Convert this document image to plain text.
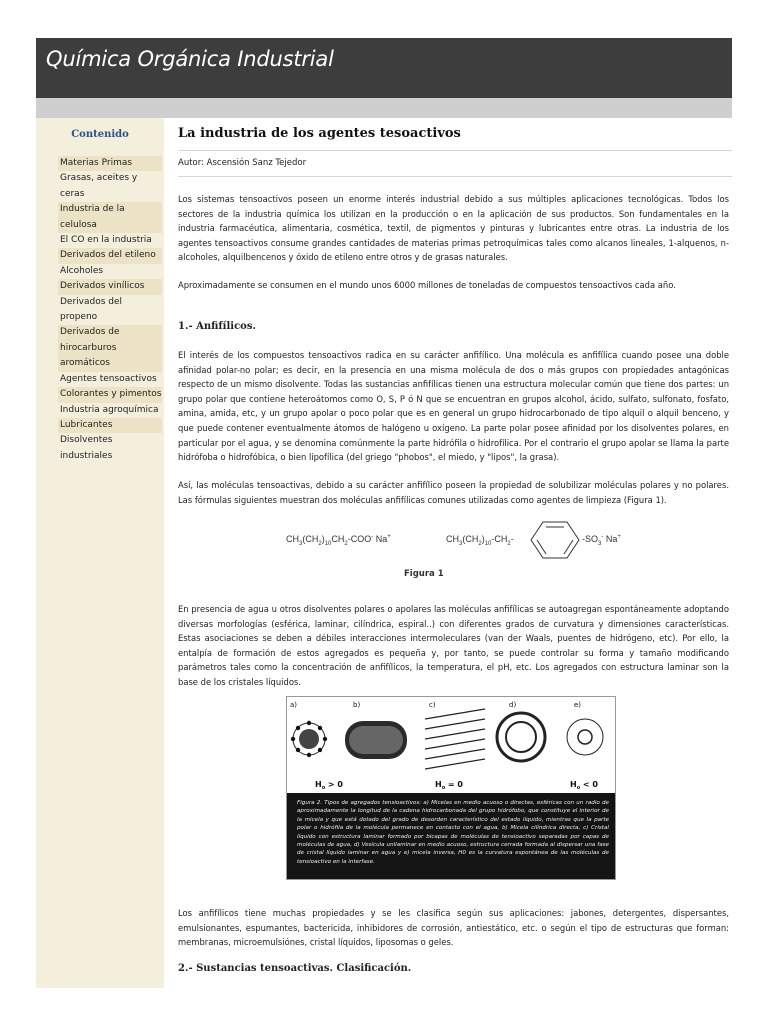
Química Orgánica Industrial
Contenido
Materias Primas
Grasas, aceites y ceras
Industria de la celulosa
El CO en la industria
Derivados del etileno
Alcoholes
Derivados vinílicos
Derivados del propeno
Derivados de
hirocarburos aromáticos
Agentes tensoactivos
Colorantes y pimentos
Industria agroquímica
Lubricantes
Disolventes industriales
La industria de los agentes tesoactivos
Autor: Ascensión Sanz Tejedor
Los sistemas tensoactivos poseen un enorme interés industrial debido a sus múltiples aplicaciones tecnológicas. Todos los sectores de la industria química los utilizan en la producción o en la aplicación de sus productos. Son fundamentales en la industria farmacéutica, alimentaria, cosmética, textil, de pigmentos y pinturas y lubricantes entre otras. La industria de los agentes tensoactivos consume grandes cantidades de materias primas petroquímicas tales como alcanos lineales, 1-alquenos, n-alcoholes, alquilbencenos y óxido de etileno entre otros y de grasas naturales.
Aproximadamente se consumen en el mundo unos 6000 millones de toneladas de compuestos tensoactivos cada año.
1.- Anfifílicos.
El interés de los compuestos tensoactivos radica en su carácter anfifílico. Una molécula es anfifílica cuando posee una doble afinidad polar-no polar; es decir, en la presencia en una misma molécula de dos o más grupos con propiedades antagónicas respecto de un mismo disolvente. Todas las sustancias anfifílicas tienen una estructura molecular común que tiene dos partes: un grupo polar que contiene heteroátomos como O, S, P ó N que se encuentran en grupos alcohol, ácido, sulfato, sulfonato, fosfato, amina, amida, etc, y un grupo apolar o poco polar que es en general un grupo hidrocarbonado de tipo alquil o alquil benceno, y que puede contener eventualmente átomos de halógeno u oxígeno. La parte polar posee afinidad por los disolventes polares, en particular por el agua, y se denomina comúnmente la parte hidrófila o hidrofílica. Por el contrario el grupo apolar se llama la parte hidrófoba o hidrofóbica, o bien lipofílica (del griego "phobos", el miedo, y "lipos", la grasa).
Así, las moléculas tensoactivas, debido a su carácter anfifílico poseen la propiedad de solubilizar moléculas polares y no polares. Las fórmulas siguientes muestran dos moléculas anfifílicas comunes utilizadas como agentes de limpieza (Figura 1).
$CH_3(CH_2)_{10}CH_2-COO^-$ Na+	$CH_3(CH_2)_{10}-CH_2-$	$-SO_3^-$ Na+
Figura 1
En presencia de agua u otros disolventes polares o apolares las moléculas anfifílicas se autoagregan espontáneamente adoptando diversas morfologías (esférica, laminar, cilíndrica, espiral..) con diferentes grados de curvatura y dimensiones características. Estas asociaciones se deben a débiles interacciones intermoleculares (van der Waals, puentes de hidrógeno, etc). Por ello, la entalpía de formación de estos agregados es pequeña y, por tanto, se puede controlar su forma y tamaño modificando parámetros tales como la concentración de anfifílicos, la temperatura, el pH, etc. Los agregados con estructura laminar son la base de los cristales líquidos.
a)	b)	c)	d)	e)
$H_o > 0$	$H_o = 0$	$H_o < 0$
Figura 2. Tipos de agregados tensioactivos: a) Micelas en medio acuoso o directas, esféricas con un radio de aproximadamente la longitud de la cadena hidrocarbonada del grupo hidrófobo, que constituye el interior de la micela y que está dotado del grado de desorden característico del estado líquido, mientras que la parte polar o hidrófila de la molécula permanece en contacto con el agua, b) Micela cilíndrica directa, c) Cristal líquido con estructura laminar formado por bicapas de moléculas de tensioactivo separadas por capas de moléculas de agua, d) Vesícula unilaminar en medio acuoso, estructura cerrada formada al dispersar una fase de cristal líquido laminar en agua y e) micela inversa, H0 es la curvatura espontánea de las moléculas de tensioactivo en la interfase.
Los anfifílicos tiene muchas propiedades y se les clasifica según sus aplicaciones: jabones, detergentes, dispersantes, emulsionantes, espumantes, bactericida, inhibidores de corrosión, antiestático, etc. o según el tipo de estructuras que forman: membranas, microemulsiónes, cristal líquidos, liposomas o geles.
2.- Sustancias tensoactivas. Clasificación.
